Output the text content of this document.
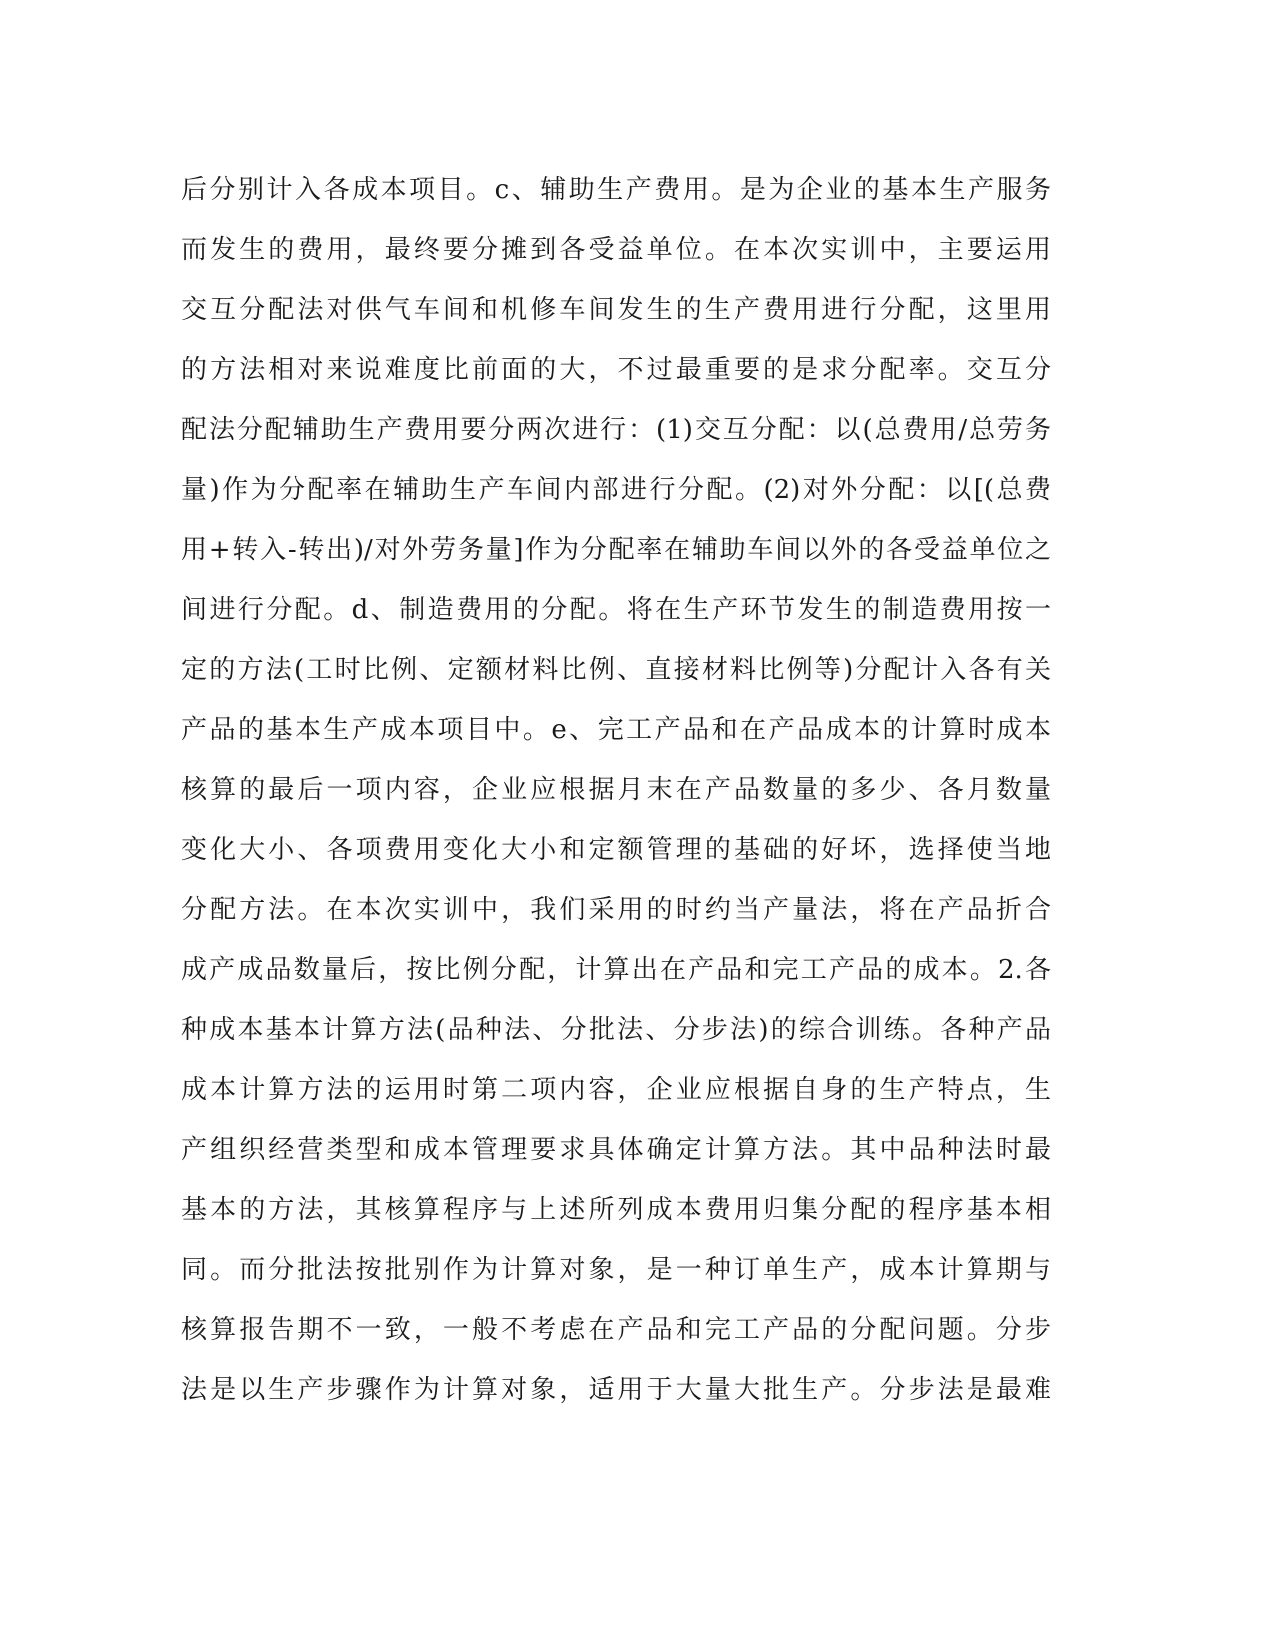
后分别计入各成本项目。c、辅助生产费用。是为企业的基本生产服务
而发生的费用，最终要分摊到各受益单位。在本次实训中，主要运用
交互分配法对供气车间和机修车间发生的生产费用进行分配，这里用
的方法相对来说难度比前面的大，不过最重要的是求分配率。交互分
配法分配辅助生产费用要分两次进行：(1)交互分配：以(总费用/总劳务
量)作为分配率在辅助生产车间内部进行分配。(2)对外分配：以[(总费
用+转入-转出)/对外劳务量]作为分配率在辅助车间以外的各受益单位之
间进行分配。d、制造费用的分配。将在生产环节发生的制造费用按一
定的方法(工时比例、定额材料比例、直接材料比例等)分配计入各有关
产品的基本生产成本项目中。e、完工产品和在产品成本的计算时成本
核算的最后一项内容，企业应根据月末在产品数量的多少、各月数量
变化大小、各项费用变化大小和定额管理的基础的好坏，选择使当地
分配方法。在本次实训中，我们采用的时约当产量法，将在产品折合
成产成品数量后，按比例分配，计算出在产品和完工产品的成本。2.各
种成本基本计算方法(品种法、分批法、分步法)的综合训练。各种产品
成本计算方法的运用时第二项内容，企业应根据自身的生产特点，生
产组织经营类型和成本管理要求具体确定计算方法。其中品种法时最
基本的方法，其核算程序与上述所列成本费用归集分配的程序基本相
同。而分批法按批别作为计算对象，是一种订单生产，成本计算期与
核算报告期不一致，一般不考虑在产品和完工产品的分配问题。分步
法是以生产步骤作为计算对象，适用于大量大批生产。分步法是最难
